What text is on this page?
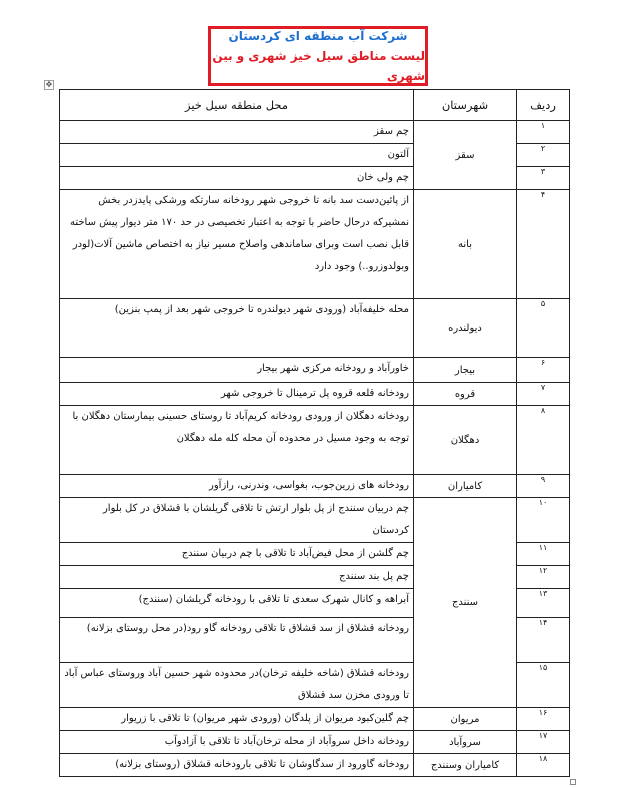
شرکت آب منطقه ای کردستان
لیست مناطق سیل خیز شهری و بین شهری
✥
ردیف	شهرستان	محل منطقه سیل خیز
۱	سقز	چم سقز
۲		آلتون
۳		چم ولی خان
۴	بانه	از پائین‌دست سد بانه تا خروجی شهر رودخانه سارتکه ورشکی پایدزدر بخش نمشیرکه درحال حاضر با توجه به اعتبار تخصیصی در حد ۱۷۰ متر دیوار پیش ساخته قابل نصب است وبرای ساماندهی واصلاح مسیر نیاز به اختصاص ماشین آلات(لودر وبولدوزرو..) وجود دارد
۵	دیولندره	محله خلیفه‌آباد (ورودی شهر دیولندره تا خروجی شهر بعد از پمپ بنزین)
۶	بیجار	خاورآباد و رودخانه مرکزی شهر بیجار
۷	قروه	رودخانه قلعه قروه پل ترمینال تا خروجی شهر
۸	دهگلان	رودخانه دهگلان از ورودی رودخانه کریم‌آباد تا روستای حسینی بیمارستان دهگلان با توجه به وجود مسیل در محدوده آن محله کله مله دهگلان
۹	کامیاران	رودخانه های زرین‌جوب، بغواسی، وندرنی، رازآور
۱۰	سنندج	چم دربیان سنندج از پل بلوار ارتش تا تلاقی گریلشان با قشلاق در کل بلوار کردستان
۱۱		چم گلشن از محل فیض‌آباد تا تلاقی با چم دربیان سنندج
۱۲		چم پل بند سنندج
۱۳		آبراهه و کانال شهرک سعدی تا تلاقی با رودخانه گریلشان (سنندج)
۱۴		رودخانه قشلاق از سد قشلاق تا تلاقی رودخانه گاو رود(در محل روستای بزلانه)
۱۵		رودخانه قشلاق (شاخه خلیفه ترخان)در محدوده شهر حسین آباد وروستای عباس آباد تا ورودی مخزن سد قشلاق
۱۶	مریوان	چم گلین‌کبود مریوان از پلدگان (ورودی شهر مریوان) تا تلاقی با زریوار
۱۷	سروآباد	رودخانه داخل سروآباد از محله ترخان‌آباد تا تلاقی با آزادوآب
۱۸	کامیاران وسنندج	رودخانه گاورود از سدگاوشان تا تلاقی بارودخانه قشلاق (روستای بزلانه)
